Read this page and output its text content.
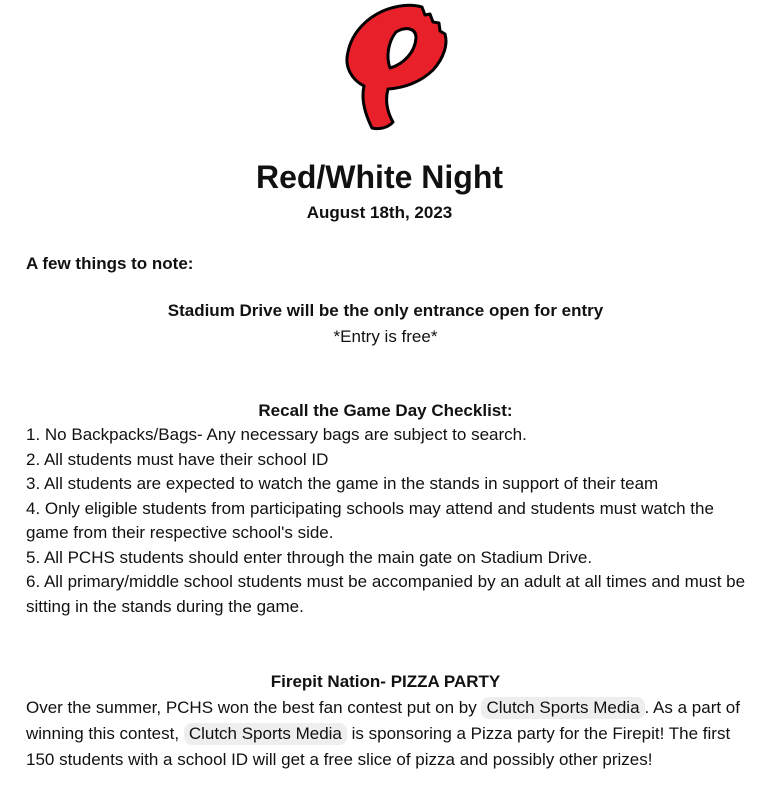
Red/White Night
August 18th, 2023
A few things to note:
Stadium Drive will be the only entrance open for entry
*Entry is free*
Recall the Game Day Checklist:
1. No Backpacks/Bags- Any necessary bags are subject to search.
2. All students must have their school ID
3. All students are expected to watch the game in the stands in support of their team
4. Only eligible students from participating schools may attend and students must watch the game from their respective school's side.
5. All PCHS students should enter through the main gate on Stadium Drive.
6. All primary/middle school students must be accompanied by an adult at all times and must be sitting in the stands during the game.
Firepit Nation- PIZZA PARTY

Over the summer, PCHS won the best fan contest put on by Clutch Sports Media . As a part of winning this contest, Clutch Sports Media is sponsoring a Pizza party for the Firepit! The first 150 students with a school ID will get a free slice of pizza and possibly other prizes!
